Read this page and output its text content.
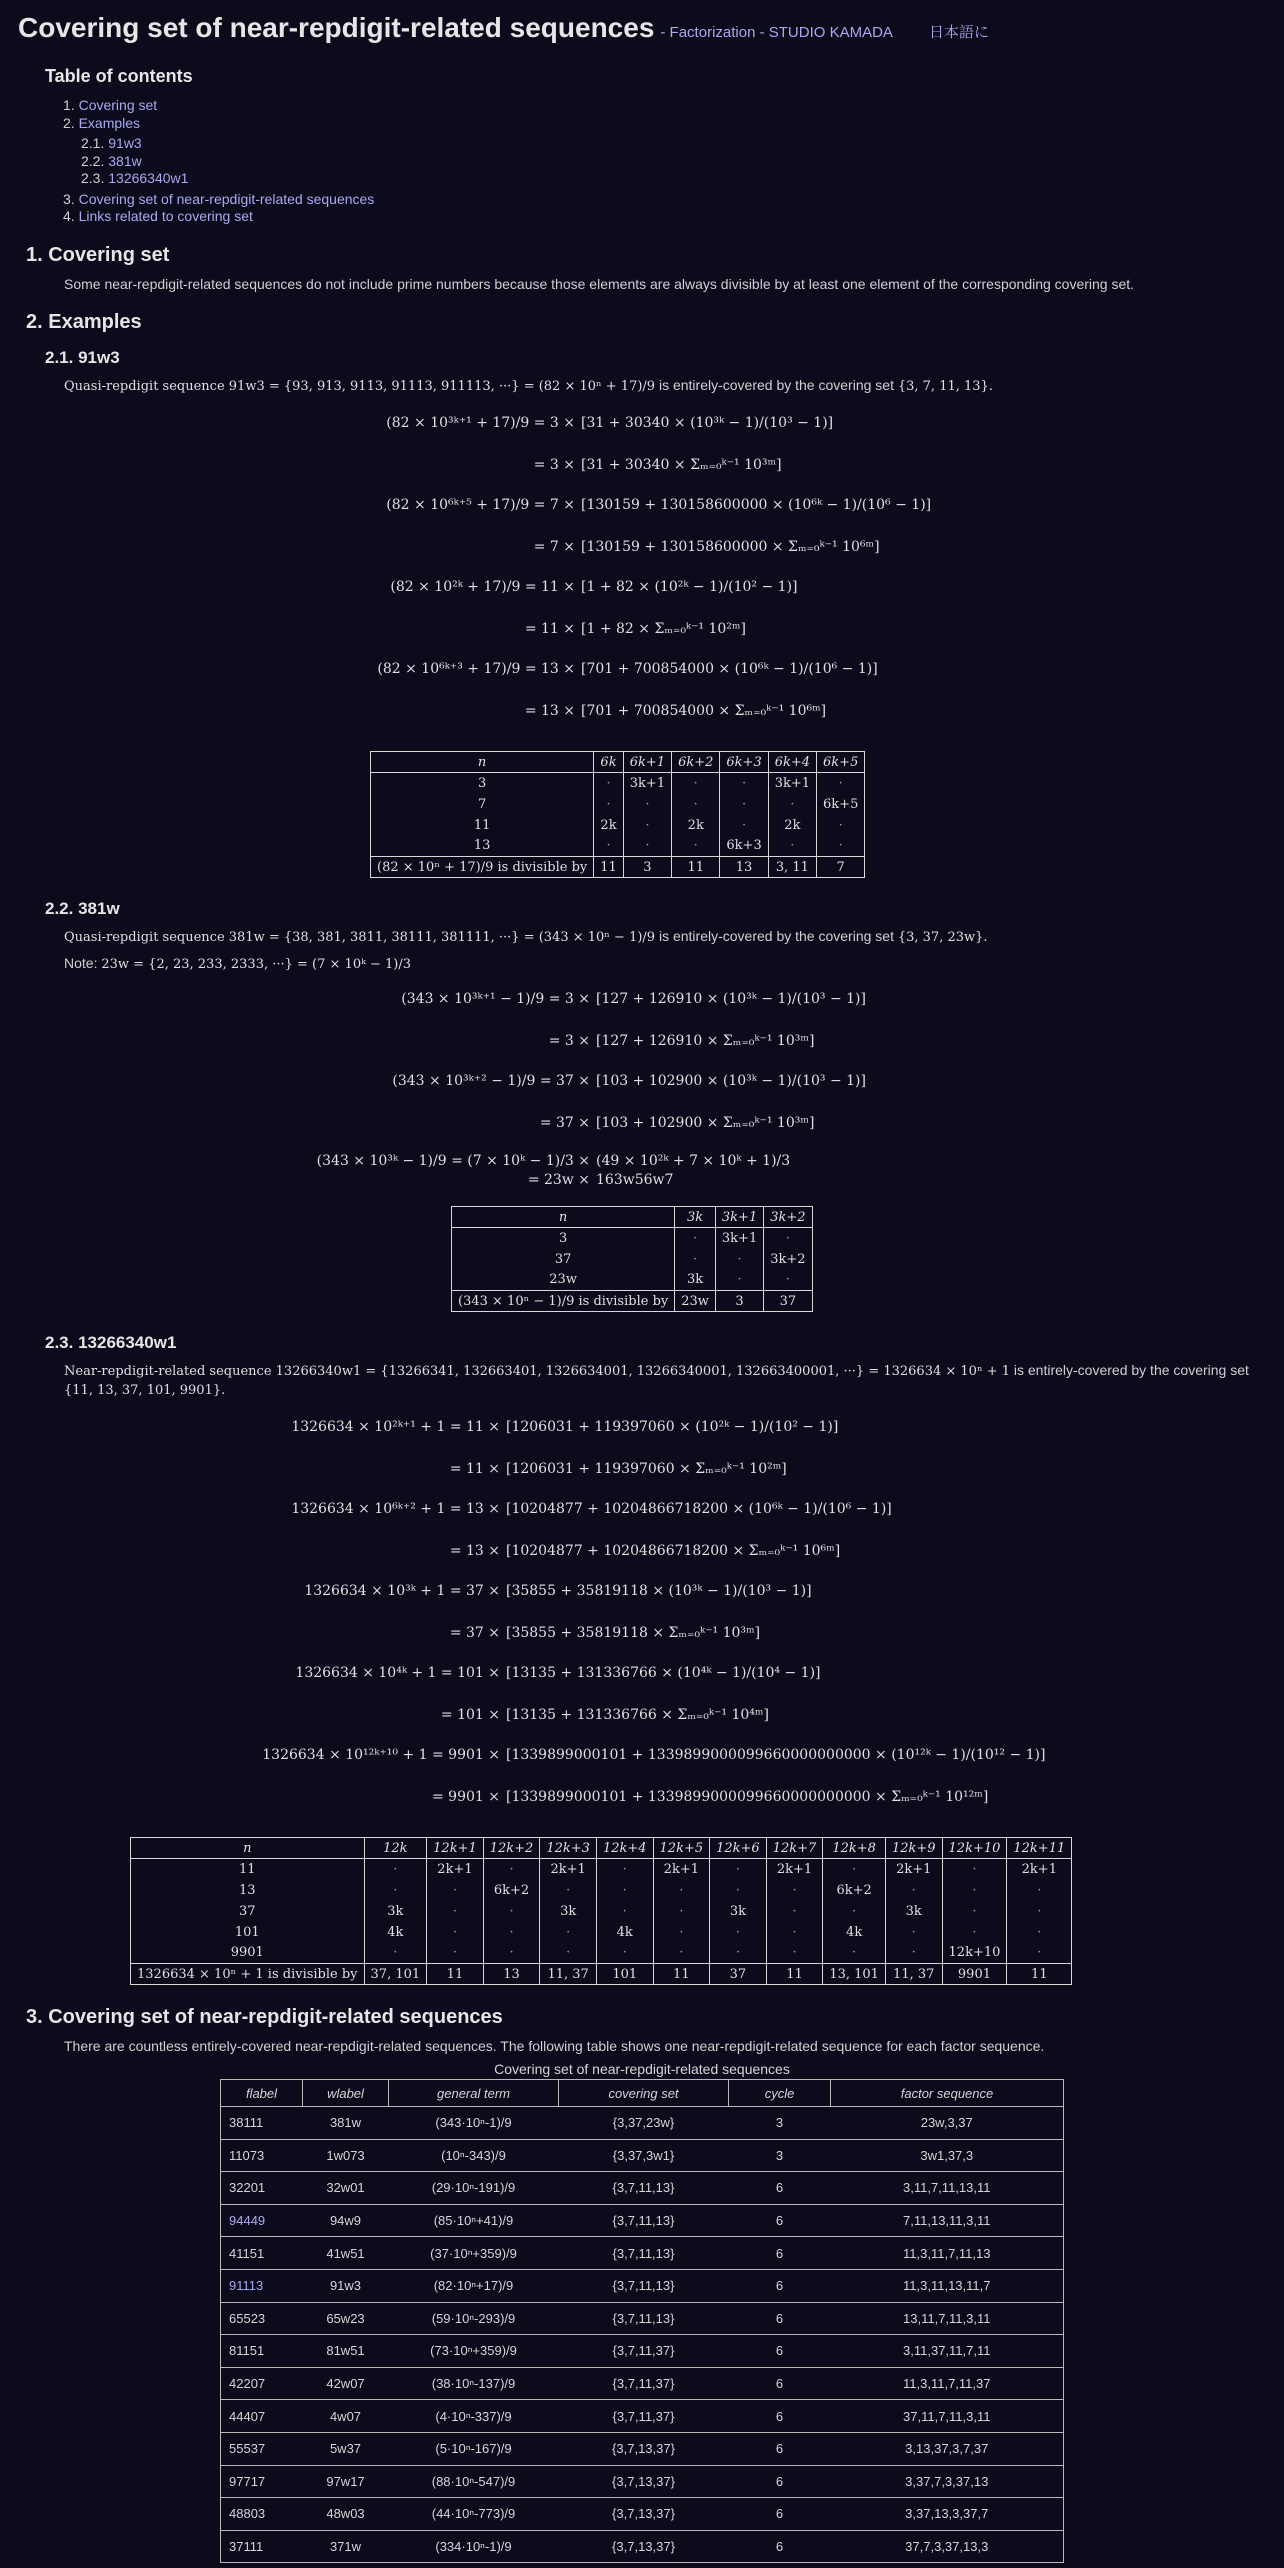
Covering set of near-repdigit-related sequences - Factorization - STUDIO KAMADA 日本語に
Table of contents
1. Covering set
2. Examples
2.1. 91w3
2.2. 381w
2.3. 13266340w1
3. Covering set of near-repdigit-related sequences
4. Links related to covering set
1. Covering set
Some near-repdigit-related sequences do not include prime numbers because those elements are always divisible by at least one element of the corresponding covering set.
2. Examples
2.1. 91w3
Quasi-repdigit sequence 91w3 = {93, 913, 9113, 91113, 911113, ···} = (82 × 10ⁿ + 17)/9 is entirely-covered by the covering set {3, 7, 11, 13}.
(82 × 10³ᵏ⁺¹ + 17)/9 = 3 × [31 + 30340 × (10³ᵏ − 1)/(10³ − 1)]
= 3 × [31 + 30340 × Σₘ₌₀ᵏ⁻¹ 10³ᵐ]
(82 × 10⁶ᵏ⁺⁵ + 17)/9 = 7 × [130159 + 130158600000 × (10⁶ᵏ − 1)/(10⁶ − 1)]
= 7 × [130159 + 130158600000 × Σₘ₌₀ᵏ⁻¹ 10⁶ᵐ]
(82 × 10²ᵏ + 17)/9 = 11 × [1 + 82 × (10²ᵏ − 1)/(10² − 1)]
= 11 × [1 + 82 × Σₘ₌₀ᵏ⁻¹ 10²ᵐ]
(82 × 10⁶ᵏ⁺³ + 17)/9 = 13 × [701 + 700854000 × (10⁶ᵏ − 1)/(10⁶ − 1)]
= 13 × [701 + 700854000 × Σₘ₌₀ᵏ⁻¹ 10⁶ᵐ]
n	6k	6k+1	6k+2	6k+3	6k+4	6k+5
3	·	3k+1	·	·	3k+1	·
7	·	·	·	·	·	6k+5
11	2k	·	2k	·	2k	·
13	·	·	·	6k+3	·	·
(82 × 10ⁿ + 17)/9 is divisible by	11	3	11	13	3, 11	7
2.2. 381w
Quasi-repdigit sequence 381w = {38, 381, 3811, 38111, 381111, ···} = (343 × 10ⁿ − 1)/9 is entirely-covered by the covering set {3, 37, 23w}.
Note: 23w = {2, 23, 233, 2333, ···} = (7 × 10ᵏ − 1)/3
(343 × 10³ᵏ⁺¹ − 1)/9 = 3 × [127 + 126910 × (10³ᵏ − 1)/(10³ − 1)]
= 3 × [127 + 126910 × Σₘ₌₀ᵏ⁻¹ 10³ᵐ]
(343 × 10³ᵏ⁺² − 1)/9 = 37 × [103 + 102900 × (10³ᵏ − 1)/(10³ − 1)]
= 37 × [103 + 102900 × Σₘ₌₀ᵏ⁻¹ 10³ᵐ]
(343 × 10³ᵏ − 1)/9 = (7 × 10ᵏ − 1)/3 × (49 × 10²ᵏ + 7 × 10ᵏ + 1)/3
= 23w × 163w56w7
n	3k	3k+1	3k+2
3	·	3k+1	·
37	·	·	3k+2
23w	3k	·	·
(343 × 10ⁿ − 1)/9 is divisible by	23w	3	37
2.3. 13266340w1
Near-repdigit-related sequence 13266340w1 = {13266341, 132663401, 1326634001, 13266340001, 132663400001, ···} = 1326634 × 10ⁿ + 1 is entirely-covered by the covering set
{11, 13, 37, 101, 9901}.
1326634 × 10²ᵏ⁺¹ + 1 = 11 × [1206031 + 119397060 × (10²ᵏ − 1)/(10² − 1)]
= 11 × [1206031 + 119397060 × Σₘ₌₀ᵏ⁻¹ 10²ᵐ]
1326634 × 10⁶ᵏ⁺² + 1 = 13 × [10204877 + 10204866718200 × (10⁶ᵏ − 1)/(10⁶ − 1)]
= 13 × [10204877 + 10204866718200 × Σₘ₌₀ᵏ⁻¹ 10⁶ᵐ]
1326634 × 10³ᵏ + 1 = 37 × [35855 + 35819118 × (10³ᵏ − 1)/(10³ − 1)]
= 37 × [35855 + 35819118 × Σₘ₌₀ᵏ⁻¹ 10³ᵐ]
1326634 × 10⁴ᵏ + 1 = 101 × [13135 + 131336766 × (10⁴ᵏ − 1)/(10⁴ − 1)]
= 101 × [13135 + 131336766 × Σₘ₌₀ᵏ⁻¹ 10⁴ᵐ]
1326634 × 10¹²ᵏ⁺¹⁰ + 1 = 9901 × [1339899000101 + 1339899000099660000000000 × (10¹²ᵏ − 1)/(10¹² − 1)]
= 9901 × [1339899000101 + 1339899000099660000000000 × Σₘ₌₀ᵏ⁻¹ 10¹²ᵐ]
n	12k	12k+1	12k+2	12k+3	12k+4	12k+5	12k+6	12k+7	12k+8	12k+9	12k+10	12k+11
11	·	2k+1	·	2k+1	·	2k+1	·	2k+1	·	2k+1	·	2k+1
13	·	·	6k+2	·	·	·	·	·	6k+2	·	·	·
37	3k	·	·	3k	·	·	3k	·	·	3k	·	·
101	4k	·	·	·	4k	·	·	·	4k	·	·	·
9901	·	·	·	·	·	·	·	·	·	·	12k+10	·
1326634 × 10ⁿ + 1 is divisible by	37, 101	11	13	11, 37	101	11	37	11	13, 101	11, 37	9901	11
3. Covering set of near-repdigit-related sequences
There are countless entirely-covered near-repdigit-related sequences. The following table shows one near-repdigit-related sequence for each factor sequence.
Covering set of near-repdigit-related sequences
flabel	wlabel	general term	covering set	cycle	factor sequence
38111	381w	(343·10ⁿ-1)/9	{3,37,23w}	3	23w,3,37
11073	1w073	(10ⁿ-343)/9	{3,37,3w1}	3	3w1,37,3
32201	32w01	(29·10ⁿ-191)/9	{3,7,11,13}	6	3,11,7,11,13,11
94449	94w9	(85·10ⁿ+41)/9	{3,7,11,13}	6	7,11,13,11,3,11
41151	41w51	(37·10ⁿ+359)/9	{3,7,11,13}	6	11,3,11,7,11,13
91113	91w3	(82·10ⁿ+17)/9	{3,7,11,13}	6	11,3,11,13,11,7
65523	65w23	(59·10ⁿ-293)/9	{3,7,11,13}	6	13,11,7,11,3,11
81151	81w51	(73·10ⁿ+359)/9	{3,7,11,37}	6	3,11,37,11,7,11
42207	42w07	(38·10ⁿ-137)/9	{3,7,11,37}	6	11,3,11,7,11,37
44407	4w07	(4·10ⁿ-337)/9	{3,7,11,37}	6	37,11,7,11,3,11
55537	5w37	(5·10ⁿ-167)/9	{3,7,13,37}	6	3,13,37,3,7,37
97717	97w17	(88·10ⁿ-547)/9	{3,7,13,37}	6	3,37,7,3,37,13
48803	48w03	(44·10ⁿ-773)/9	{3,7,13,37}	6	3,37,13,3,37,7
37111	371w	(334·10ⁿ-1)/9	{3,7,13,37}	6	37,7,3,37,13,3
